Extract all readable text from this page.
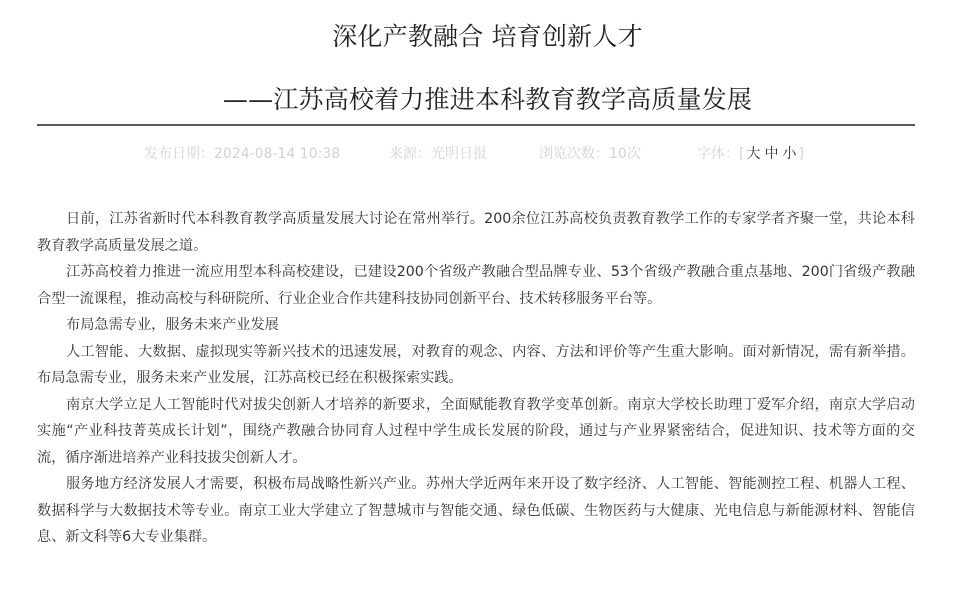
深化产教融合 培育创新人才
——江苏高校着力推进本科教育教学高质量发展
发布日期：2024-08-14 10:38	来源：光明日报	浏览次数：10次	字体：[ 大 中 小 ]

日前，江苏省新时代本科教育教学高质量发展大讨论在常州举行。200余位江苏高校负责教育教学工作的专家学者齐聚一堂，共论本科教育教学高质量发展之道。

江苏高校着力推进一流应用型本科高校建设，已建设200个省级产教融合型品牌专业、53个省级产教融合重点基地、200门省级产教融合型一流课程，推动高校与科研院所、行业企业合作共建科技协同创新平台、技术转移服务平台等。

布局急需专业，服务未来产业发展

人工智能、大数据、虚拟现实等新兴技术的迅速发展，对教育的观念、内容、方法和评价等产生重大影响。面对新情况，需有新举措。布局急需专业，服务未来产业发展，江苏高校已经在积极探索实践。

南京大学立足人工智能时代对拔尖创新人才培养的新要求，全面赋能教育教学变革创新。南京大学校长助理丁爱军介绍，南京大学启动实施“产业科技菁英成长计划”，围绕产教融合协同育人过程中学生成长发展的阶段，通过与产业界紧密结合，促进知识、技术等方面的交流，循序渐进培养产业科技拔尖创新人才。

服务地方经济发展人才需要，积极布局战略性新兴产业。苏州大学近两年来开设了数字经济、人工智能、智能测控工程、机器人工程、数据科学与大数据技术等专业。南京工业大学建立了智慧城市与智能交通、绿色低碳、生物医药与大健康、光电信息与新能源材料、智能信息、新文科等6大专业集群。
